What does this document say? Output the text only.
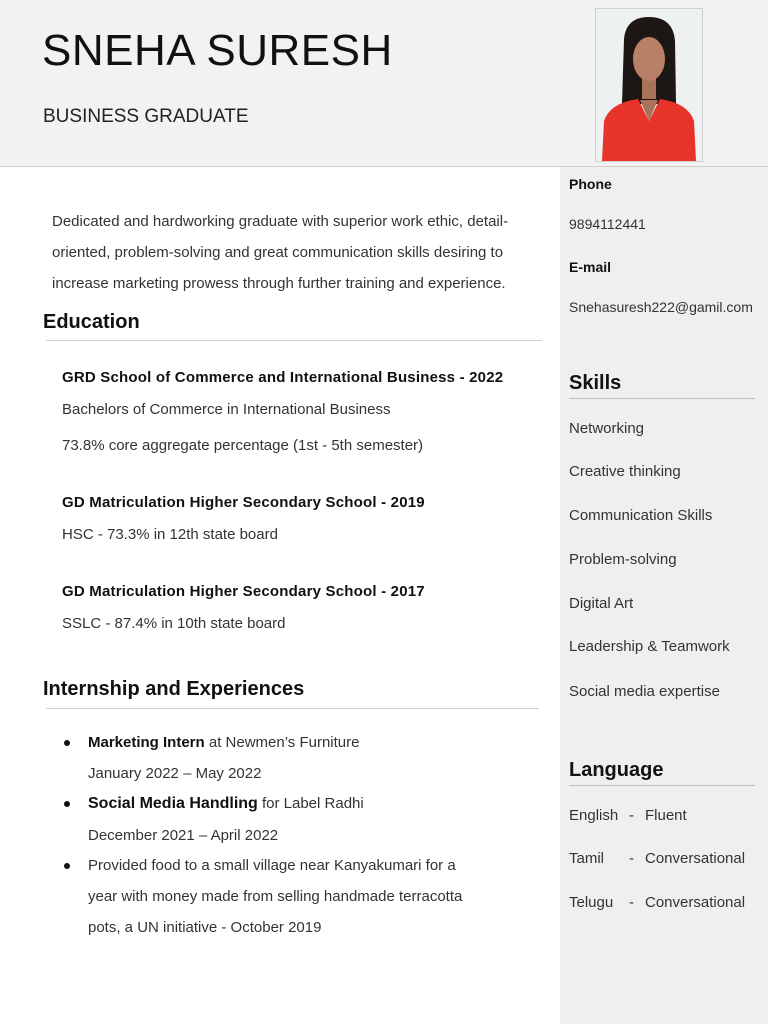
SNEHA SURESH
BUSINESS GRADUATE
Phone
9894112441
E-mail
Snehasuresh222@gamil.com
Skills
Networking
Creative thinking
Communication Skills
Problem-solving
Digital Art
Leadership & Teamwork
Social media expertise
Language
English - Fluent
Tamil - Conversational
Telugu - Conversational
Dedicated and hardworking graduate with superior work ethic, detail-oriented, problem-solving and great communication skills desiring to increase marketing prowess through further training and experience.
Education
GRD School of Commerce and International Business - 2022
Bachelors of Commerce in International Business
73.8% core aggregate percentage (1st - 5th semester)
GD Matriculation Higher Secondary School - 2019
HSC - 73.3% in 12th state board
GD Matriculation Higher Secondary School - 2017
SSLC - 87.4% in 10th state board
Internship and Experiences
Marketing Intern at Newmen’s Furniture
January 2022 – May 2022
Social Media Handling for Label Radhi
December 2021 – April 2022
Provided food to a small village near Kanyakumari for a
year with money made from selling handmade terracotta
pots, a UN initiative - October 2019
